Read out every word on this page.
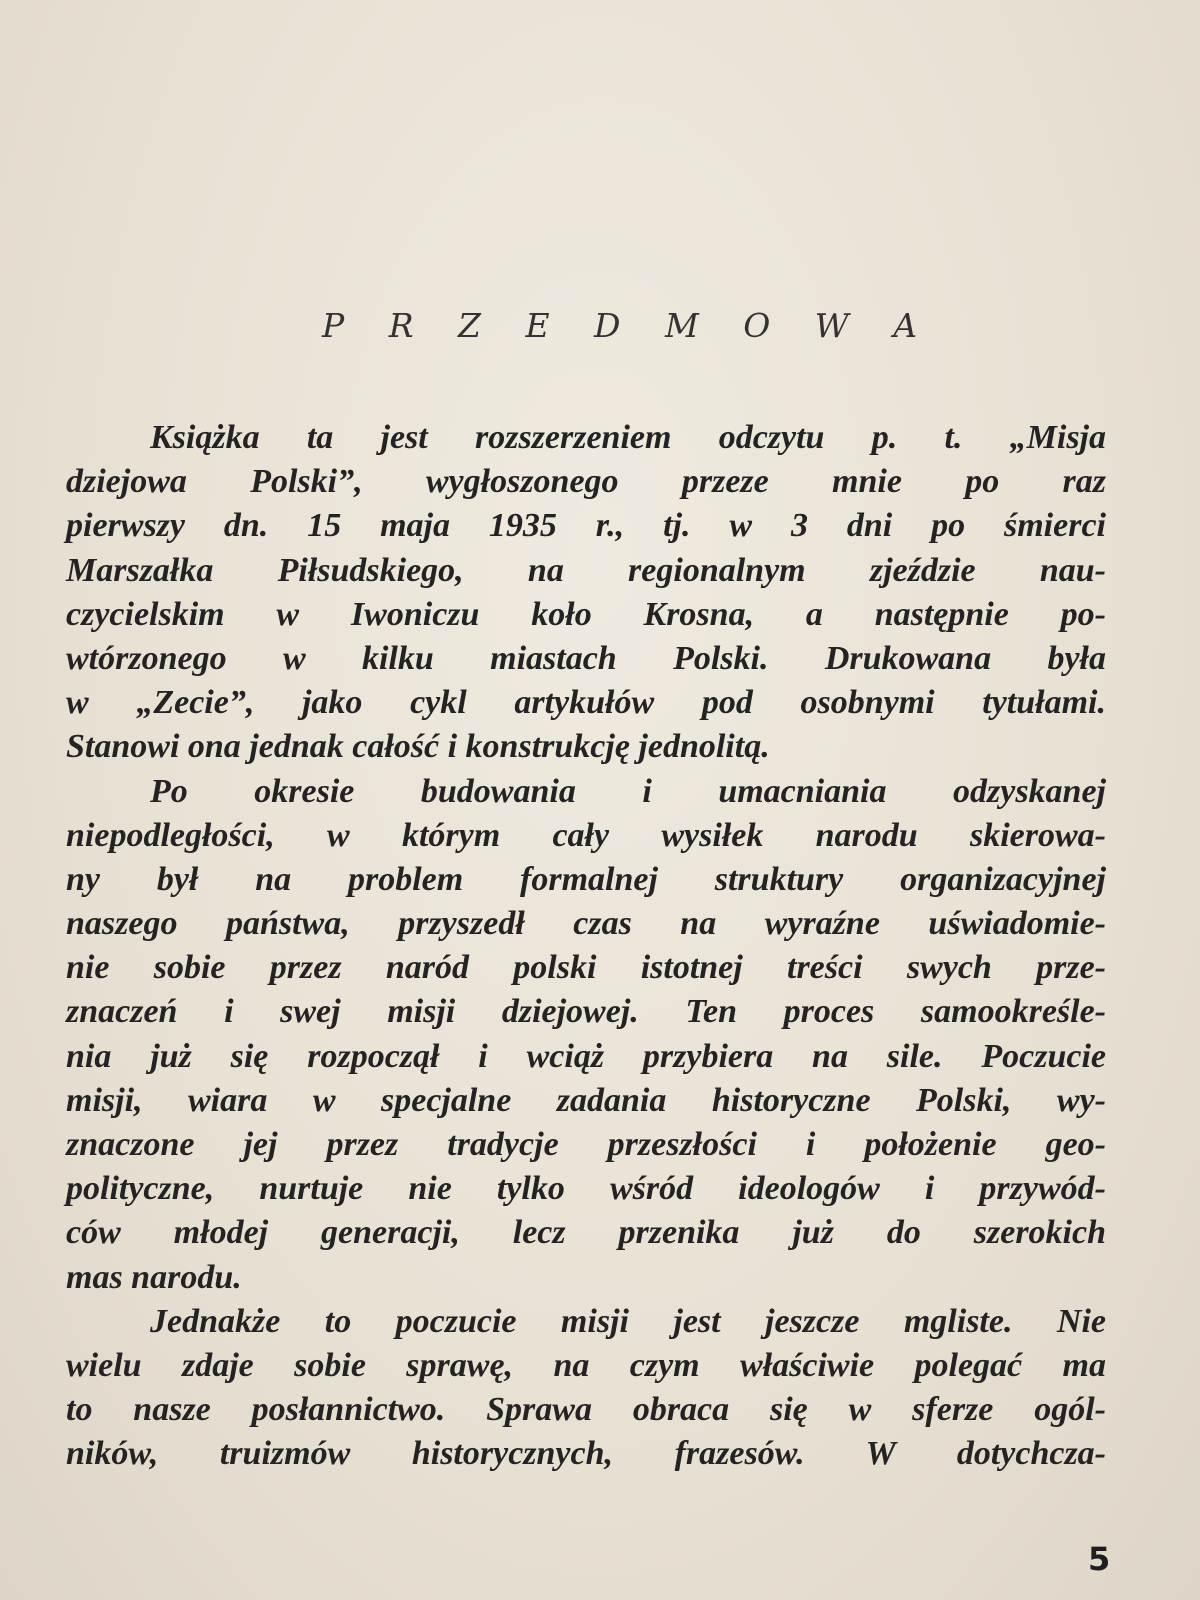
P R Z E D M O W A
Książka ta jest rozszerzeniem odczytu p. t. „Misja
dziejowa Polski”, wygłoszonego przeze mnie po raz
pierwszy dn. 15 maja 1935 r., tj. w 3 dni po śmierci
Marszałka Piłsudskiego, na regionalnym zjeździe nau-
czycielskim w Iwoniczu koło Krosna, a następnie po-
wtórzonego w kilku miastach Polski. Drukowana była
w „Zecie”, jako cykl artykułów pod osobnymi tytułami.
Stanowi ona jednak całość i konstrukcję jednolitą.
Po okresie budowania i umacniania odzyskanej
niepodległości, w którym cały wysiłek narodu skierowa-
ny był na problem formalnej struktury organizacyjnej
naszego państwa, przyszedł czas na wyraźne uświadomie-
nie sobie przez naród polski istotnej treści swych prze-
znaczeń i swej misji dziejowej. Ten proces samookreśle-
nia już się rozpoczął i wciąż przybiera na sile. Poczucie
misji, wiara w specjalne zadania historyczne Polski, wy-
znaczone jej przez tradycje przeszłości i położenie geo-
polityczne, nurtuje nie tylko wśród ideologów i przywód-
ców młodej generacji, lecz przenika już do szerokich
mas narodu.
Jednakże to poczucie misji jest jeszcze mgliste. Nie
wielu zdaje sobie sprawę, na czym właściwie polegać ma
to nasze posłannictwo. Sprawa obraca się w sferze ogól-
ników, truizmów historycznych, frazesów. W dotychcza-
5
